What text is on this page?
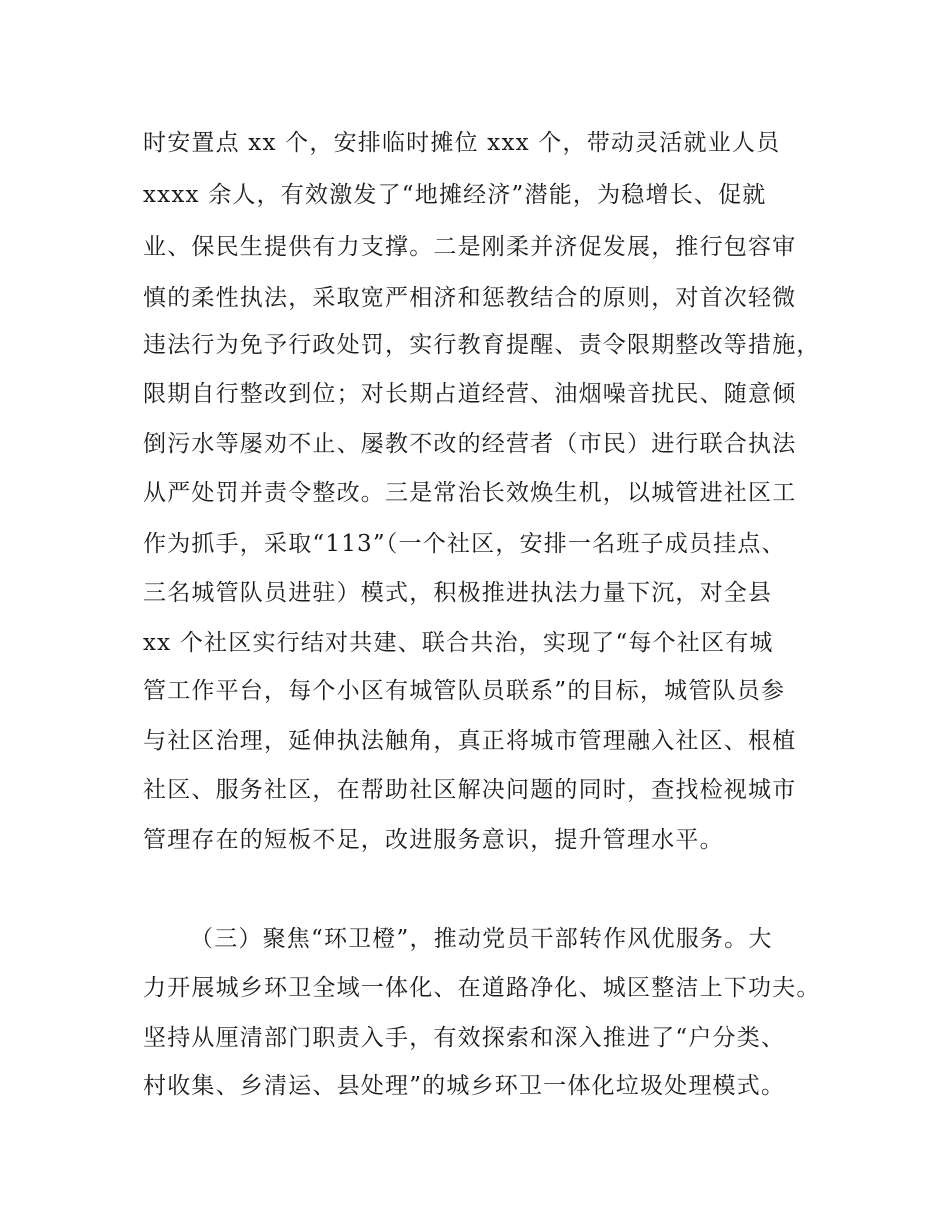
时安置点 xx 个，安排临时摊位 xxx 个，带动灵活就业人员
xxxx 余人，有效激发了“地摊经济”潜能，为稳增长、促就
业、保民生提供有力支撑。二是刚柔并济促发展，推行包容审
慎的柔性执法，采取宽严相济和惩教结合的原则，对首次轻微
违法行为免予行政处罚，实行教育提醒、责令限期整改等措施，
限期自行整改到位；对长期占道经营、油烟噪音扰民、随意倾
倒污水等屡劝不止、屡教不改的经营者（市民）进行联合执法
从严处罚并责令整改。三是常治长效焕生机，以城管进社区工
作为抓手，采取“113”（一个社区，安排一名班子成员挂点、
三名城管队员进驻）模式，积极推进执法力量下沉，对全县
xx 个社区实行结对共建、联合共治，实现了“每个社区有城
管工作平台，每个小区有城管队员联系”的目标，城管队员参
与社区治理，延伸执法触角，真正将城市管理融入社区、根植
社区、服务社区，在帮助社区解决问题的同时，查找检视城市
管理存在的短板不足，改进服务意识，提升管理水平。
（三）聚焦“环卫橙”，推动党员干部转作风优服务。大
力开展城乡环卫全域一体化、在道路净化、城区整洁上下功夫。
坚持从厘清部门职责入手，有效探索和深入推进了“户分类、
村收集、乡清运、县处理”的城乡环卫一体化垃圾处理模式。
